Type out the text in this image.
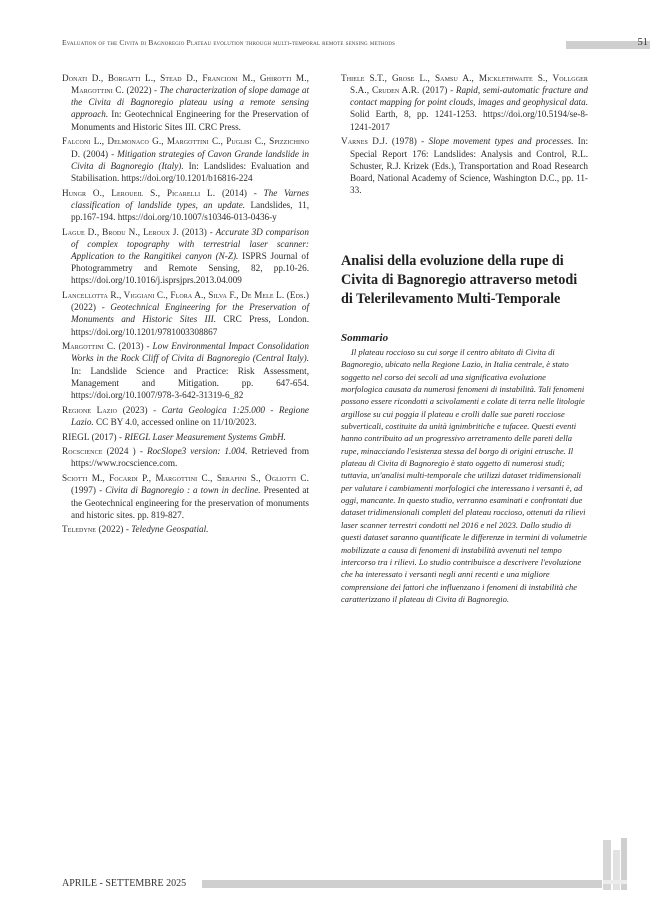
Evaluation of the Civita di Bagnoregio Plateau evolution through multi-temporal remote sensing methods	51
Donati D., Borgatti L., Stead D., Francioni M., Ghirotti M., Margottini C. (2022) - The characterization of slope damage at the Civita di Bagnoregio plateau using a remote sensing approach. In: Geotechnical Engineering for the Preservation of Monuments and Historic Sites III. CRC Press.
Falconi L., Delmonaco G., Margottini C., Puglisi C., Spizzichino D. (2004) - Mitigation strategies of Cavon Grande landslide in Civita di Bagnoregio (Italy). In: Landslides: Evaluation and Stabilisation. https://doi.org/10.1201/b16816-224
Hungr O., Leroueil S., Picarelli L. (2014) - The Varnes classification of landslide types, an update. Landslides, 11, pp.167-194. https://doi.org/10.1007/s10346-013-0436-y
Lague D., Brodu N., Leroux J. (2013) - Accurate 3D comparison of complex topography with terrestrial laser scanner: Application to the Rangitikei canyon (N-Z). ISPRS Journal of Photogrammetry and Remote Sensing, 82, pp.10-26. https://doi.org/10.1016/j.isprsjprs.2013.04.009
Lancellotta R., Viggiani C., Flora A., Silva F., De Mele L. (Eds.) (2022) - Geotechnical Engineering for the Preservation of Monuments and Historic Sites III. CRC Press, London. https://doi.org/10.1201/9781003308867
Margottini C. (2013) - Low Environmental Impact Consolidation Works in the Rock Cliff of Civita di Bagnoregio (Central Italy). In: Landslide Science and Practice: Risk Assessment, Management and Mitigation. pp. 647-654. https://doi.org/10.1007/978-3-642-31319-6_82
Regione Lazio (2023) - Carta Geologica 1:25.000 - Regione Lazio. CC BY 4.0, accessed online on 11/10/2023.
RIEGL (2017) - RIEGL Laser Measurement Systems GmbH.
Rocscience (2024 ) - RocSlope3 version: 1.004. Retrieved from https://www.rocscience.com.
Sciotti M., Focardi P., Margottini C., Serafini S., Ogliotti C. (1997) - Civita di Bagnoregio : a town in decline. Presented at the Geotechnical engineering for the preservation of monuments and historic sites. pp. 819-827.
Teledyne (2022) - Teledyne Geospatial.
Thiele S.T., Grose L., Samsu A., Micklethwaite S., Vollgger S.A., Cruden A.R. (2017) - Rapid, semi-automatic fracture and contact mapping for point clouds, images and geophysical data. Solid Earth, 8, pp. 1241-1253. https://doi.org/10.5194/se-8-1241-2017
Varnes D.J. (1978) - Slope movement types and processes. In: Special Report 176: Landslides: Analysis and Control, R.L. Schuster, R.J. Krizek (Eds.), Transportation and Road Research Board, National Academy of Science, Washington D.C., pp. 11-33.
Analisi della evoluzione della rupe di Civita di Bagnoregio attraverso metodi di Telerilevamento Multi-Temporale
Sommario

Il plateau roccioso su cui sorge il centro abitato di Civita di Bagnoregio, ubicato nella Regione Lazio, in Italia centrale, è stato soggetto nel corso dei secoli ad una significativa evoluzione morfologica causata da numerosi fenomeni di instabilità. Tali fenomeni possono essere ricondotti a scivolamenti e colate di terra nelle litologie argillose su cui poggia il plateau e crolli dalle sue pareti rocciose subverticali, costituite da unità ignimbritiche e tufacee. Questi eventi hanno contribuito ad un progressivo arretramento delle pareti della rupe, minacciando l'esistenza stessa del borgo di origini etrusche. Il plateau di Civita di Bagnoregio è stato oggetto di numerosi studi; tuttavia, un'analisi multi-temporale che utilizzi dataset tridimensionali per valutare i cambiamenti morfologici che interessano i versanti è, ad oggi, mancante. In questo studio, verranno esaminati e confrontati due dataset tridimensionali completi del plateau roccioso, ottenuti da rilievi laser scanner terrestri condotti nel 2016 e nel 2023. Dallo studio di questi dataset saranno quantificate le differenze in termini di volumetrie mobilizzate a causa di fenomeni di instabilità avvenuti nel tempo intercorso tra i rilievi. Lo studio contribuisce a descrivere l'evoluzione che ha interessato i versanti negli anni recenti e una migliore comprensione dei fattori che influenzano i fenomeni di instabilità che caratterizzano il plateau di Civita di Bagnoregio.

APRILE - SETTEMBRE 2025
